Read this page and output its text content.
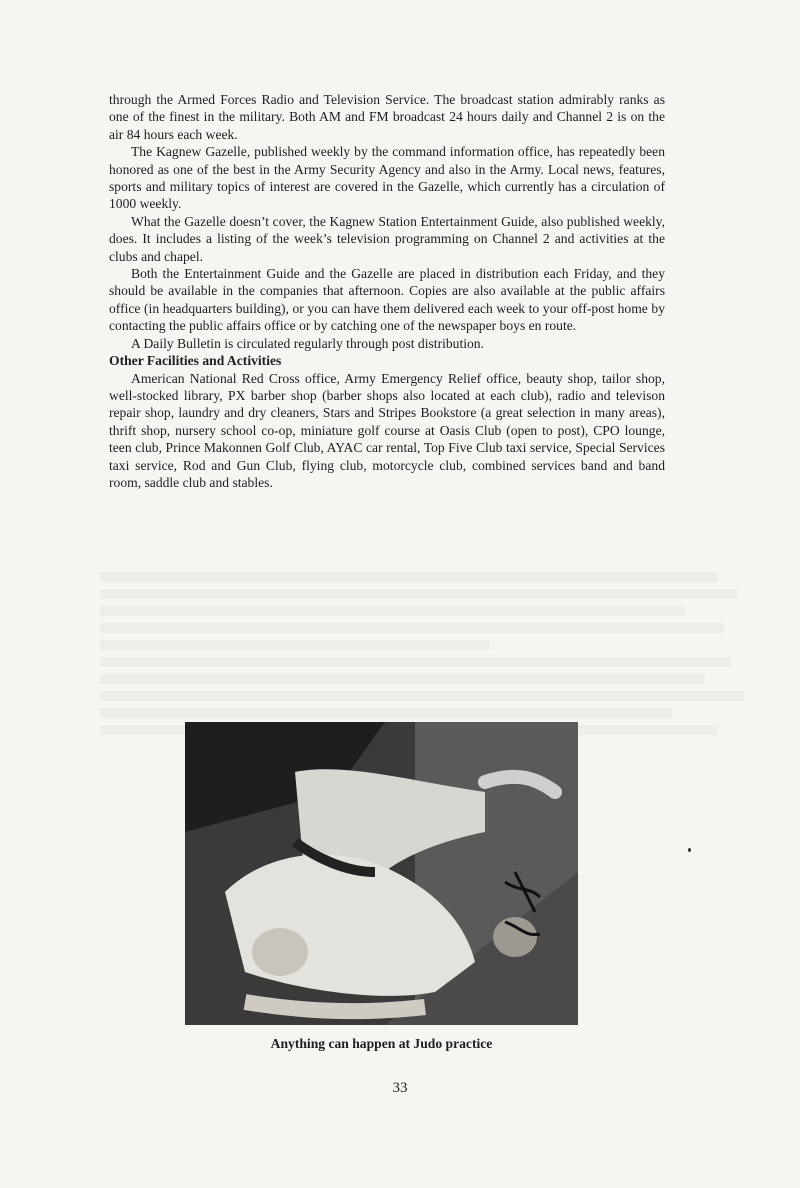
through the Armed Forces Radio and Television Service. The broadcast station admirably ranks as one of the finest in the military. Both AM and FM broadcast 24 hours daily and Channel 2 is on the air 84 hours each week.

The Kagnew Gazelle, published weekly by the command information office, has repeatedly been honored as one of the best in the Army Security Agency and also in the Army. Local news, features, sports and military topics of interest are covered in the Gazelle, which currently has a circulation of 1000 weekly.

What the Gazelle doesn’t cover, the Kagnew Station Entertainment Guide, also published weekly, does. It includes a listing of the week’s television programming on Channel 2 and activities at the clubs and chapel.

Both the Entertainment Guide and the Gazelle are placed in distribution each Friday, and they should be available in the companies that afternoon. Copies are also available at the public affairs office (in headquarters building), or you can have them delivered each week to your off-post home by contacting the public affairs office or by catching one of the newspaper boys en route.

A Daily Bulletin is circulated regularly through post distribution.

Other Facilities and Activities

American National Red Cross office, Army Emergency Relief office, beauty shop, tailor shop, well-stocked library, PX barber shop (barber shops also located at each club), radio and televison repair shop, laundry and dry cleaners, Stars and Stripes Bookstore (a great selection in many areas), thrift shop, nursery school co-op, miniature golf course at Oasis Club (open to post), CPO lounge, teen club, Prince Makonnen Golf Club, AYAC car rental, Top Five Club taxi service, Special Services taxi service, Rod and Gun Club, flying club, motorcycle club, combined services band and band room, saddle club and stables.

Anything can happen at Judo practice
33
